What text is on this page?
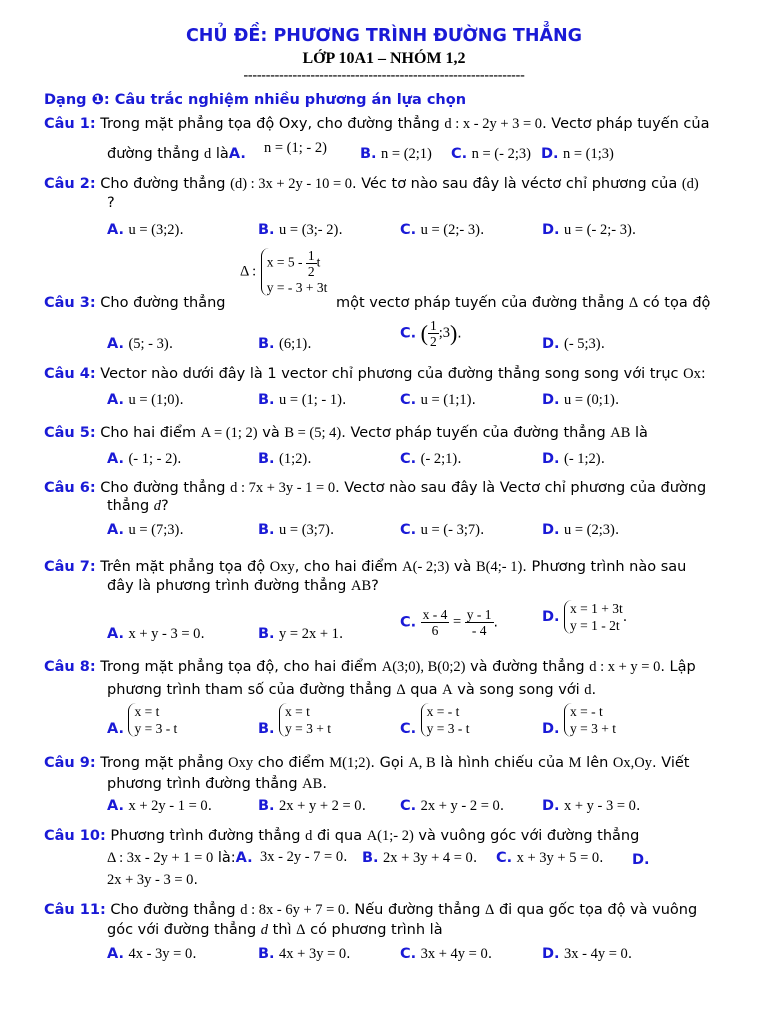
CHỦ ĐỀ: PHƯƠNG TRÌNH ĐƯỜNG THẲNG
LỚP 10A1 – NHÓM 1,2
---------------------------------------------------------------
Dạng ❶: Câu trắc nghiệm nhiều phương án lựa chọn
Câu 1: Trong mặt phẳng tọa độ Oxy, cho đường thẳng d : x - 2y + 3 = 0. Vectơ pháp tuyến của
đường thẳng d làA. n = (1; - 2) B. n = (2;1) C. n = (- 2;3) D. n = (1;3)
Câu 2: Cho đường thẳng (d) : 3x + 2y - 10 = 0. Véc tơ nào sau đây là véctơ chỉ phương của (d)
?
A. u = (3;2).	B. u = (3;- 2).	C. u = (2;- 3).	D. u = (- 2;- 3).
Δ :
$x = 5 - \frac{1}{2}$ t
y = - 3 + 3t
Câu 3: Cho đường thẳng	một vectơ pháp tuyến của đường thẳng Δ có tọa độ
A. (5; - 3).	B. (6;1).
C. ( $\frac{1}{2}$ ;3).
D. (- 5;3).
Câu 4: Vector nào dưới đây là 1 vector chỉ phương của đường thẳng song song với trục Ox:
A. u = (1;0).	B. u = (1; - 1).	C. u = (1;1).	D. u = (0;1).
Câu 5: Cho hai điểm A = (1; 2) và B = (5; 4). Vectơ pháp tuyến của đường thẳng AB là
A. (- 1; - 2).	B. (1;2).	C. (- 2;1).	D. (- 1;2).
Câu 6: Cho đường thẳng d : 7x + 3y - 1 = 0. Vectơ nào sau đây là Vectơ chỉ phương của đường
thẳng d?
A. u = (7;3).	B. u = (3;7).	C. u = (- 3;7).	D. u = (2;3).
Câu 7: Trên mặt phẳng tọa độ Oxy, cho hai điểm A(- 2;3) và B(4;- 1). Phương trình nào sau
đây là phương trình đường thẳng AB?
A. x + y - 3 = 0.	B. y = 2x + 1.
C. $\frac{x - 4}{6} = \frac{y - 1}{- 4}$ .	D.
x = 1 + 3t
y = 1 - 2t
.
Câu 8: Trong mặt phẳng tọa độ, cho hai điểm A(3;0), B(0;2) và đường thẳng d : x + y = 0. Lập
phương trình tham số của đường thẳng Δ qua A và song song với d.
A.
x = t
y = 3 - t	B.
x = t
y = 3 + t	C.
x = - t
y = 3 - t	D.
x = - t
y = 3 + t
Câu 9: Trong mặt phẳng Oxy cho điểm M(1;2). Gọi A, B là hình chiếu của M lên Ox,Oy. Viết
phương trình đường thẳng AB.
A. x + 2y - 1 = 0.	B. 2x + y + 2 = 0. C. 2x + y - 2 = 0.	D. x + y - 3 = 0.
Câu 10: Phương trình đường thẳng d đi qua A(1;- 2) và vuông góc với đường thẳng
Δ : 3x - 2y + 1 = 0 là:A. 3x - 2y - 7 = 0. B. 2x + 3y + 4 = 0. C. x + 3y + 5 = 0. D.
2x + 3y - 3 = 0.
Câu 11: Cho đường thẳng d : 8x - 6y + 7 = 0. Nếu đường thẳng Δ đi qua gốc tọa độ và vuông
góc với đường thẳng d thì Δ có phương trình là
A. 4x - 3y = 0.	B. 4x + 3y = 0.	C. 3x + 4y = 0.	D. 3x - 4y = 0.
